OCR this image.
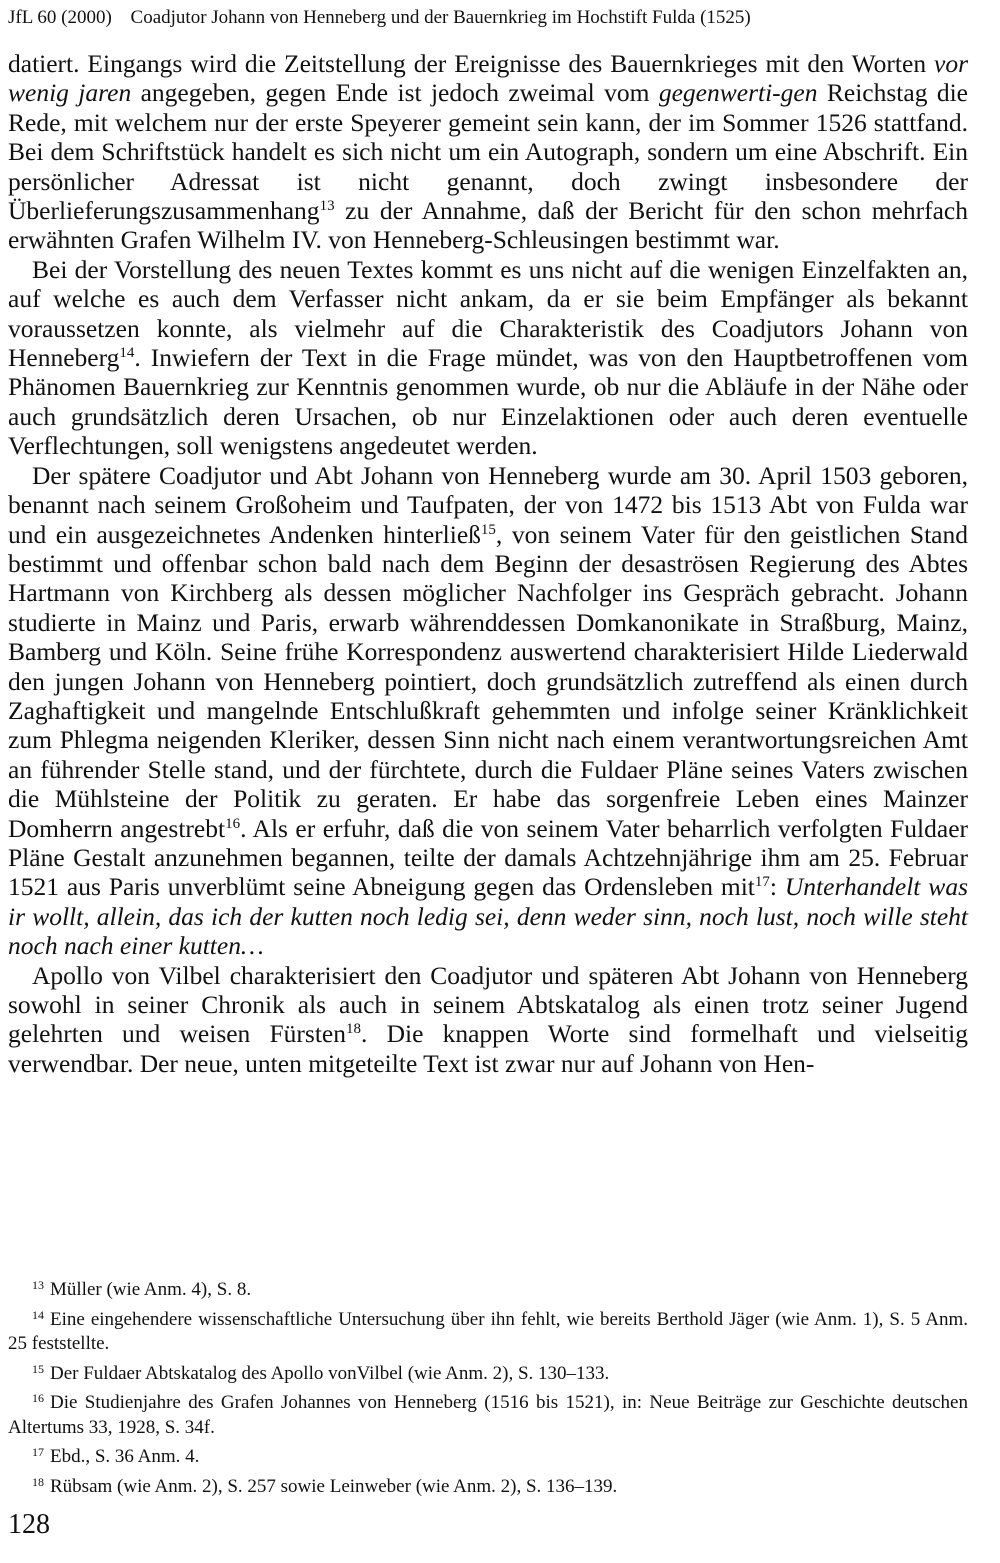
JfL 60 (2000) Coadjutor Johann von Henneberg und der Bauernkrieg im Hochstift Fulda (1525)

datiert. Eingangs wird die Zeitstellung der Ereignisse des Bauernkrieges mit den Worten vor wenig jaren angegeben, gegen Ende ist jedoch zweimal vom gegenwerti-gen Reichstag die Rede, mit welchem nur der erste Speyerer gemeint sein kann, der im Sommer 1526 stattfand. Bei dem Schriftstück handelt es sich nicht um ein Autograph, sondern um eine Abschrift. Ein persönlicher Adressat ist nicht genannt, doch zwingt insbesondere der Überlieferungszusammenhang$^{13}$ zu der Annahme, daß der Bericht für den schon mehrfach erwähnten Grafen Wilhelm IV. von Henneberg-Schleusingen bestimmt war.

Bei der Vorstellung des neuen Textes kommt es uns nicht auf die wenigen Einzelfakten an, auf welche es auch dem Verfasser nicht ankam, da er sie beim Empfänger als bekannt voraussetzen konnte, als vielmehr auf die Charakteristik des Coadjutors Johann von Henneberg$^{14}$. Inwiefern der Text in die Frage mündet, was von den Hauptbetroffenen vom Phänomen Bauernkrieg zur Kenntnis genommen wurde, ob nur die Abläufe in der Nähe oder auch grundsätzlich deren Ursachen, ob nur Einzelaktionen oder auch deren eventuelle Verflechtungen, soll wenigstens angedeutet werden.

Der spätere Coadjutor und Abt Johann von Henneberg wurde am 30. April 1503 geboren, benannt nach seinem Großoheim und Taufpaten, der von 1472 bis 1513 Abt von Fulda war und ein ausgezeichnetes Andenken hinterließ$^{15}$, von seinem Vater für den geistlichen Stand bestimmt und offenbar schon bald nach dem Beginn der desaströsen Regierung des Abtes Hartmann von Kirchberg als dessen möglicher Nachfolger ins Gespräch gebracht. Johann studierte in Mainz und Paris, erwarb währenddessen Domkanonikate in Straßburg, Mainz, Bamberg und Köln. Seine frühe Korrespondenz auswertend charakterisiert Hilde Liederwald den jungen Johann von Henneberg pointiert, doch grundsätzlich zutreffend als einen durch Zaghaftigkeit und mangelnde Entschlußkraft gehemmten und infolge seiner Kränklichkeit zum Phlegma neigenden Kleriker, dessen Sinn nicht nach einem verantwortungsreichen Amt an führender Stelle stand, und der fürchtete, durch die Fuldaer Pläne seines Vaters zwischen die Mühlsteine der Politik zu geraten. Er habe das sorgenfreie Leben eines Mainzer Domherrn angestrebt$^{16}$. Als er erfuhr, daß die von seinem Vater beharrlich verfolgten Fuldaer Pläne Gestalt anzunehmen begannen, teilte der damals Achtzehnjährige ihm am 25. Februar 1521 aus Paris unverblümt seine Abneigung gegen das Ordensleben mit$^{17}$: Unterhandelt was ir wollt, allein, das ich der kutten noch ledig sei, denn weder sinn, noch lust, noch wille steht noch nach einer kutten…

Apollo von Vilbel charakterisiert den Coadjutor und späteren Abt Johann von Henneberg sowohl in seiner Chronik als auch in seinem Abtskatalog als einen trotz seiner Jugend gelehrten und weisen Fürsten$^{18}$. Die knappen Worte sind formelhaft und vielseitig verwendbar. Der neue, unten mitgeteilte Text ist zwar nur auf Johann von Hen-

$^{13}$ Müller (wie Anm. 4), S. 8.

$^{14}$ Eine eingehendere wissenschaftliche Untersuchung über ihn fehlt, wie bereits Berthold Jäger (wie Anm. 1), S. 5 Anm. 25 feststellte.

$^{15}$ Der Fuldaer Abtskatalog des Apollo vonVilbel (wie Anm. 2), S. 130–133.

$^{16}$ Die Studienjahre des Grafen Johannes von Henneberg (1516 bis 1521), in: Neue Beiträge zur Geschichte deutschen Altertums 33, 1928, S. 34f.

$^{17}$ Ebd., S. 36 Anm. 4.

$^{18}$ Rübsam (wie Anm. 2), S. 257 sowie Leinweber (wie Anm. 2), S. 136–139.

128
